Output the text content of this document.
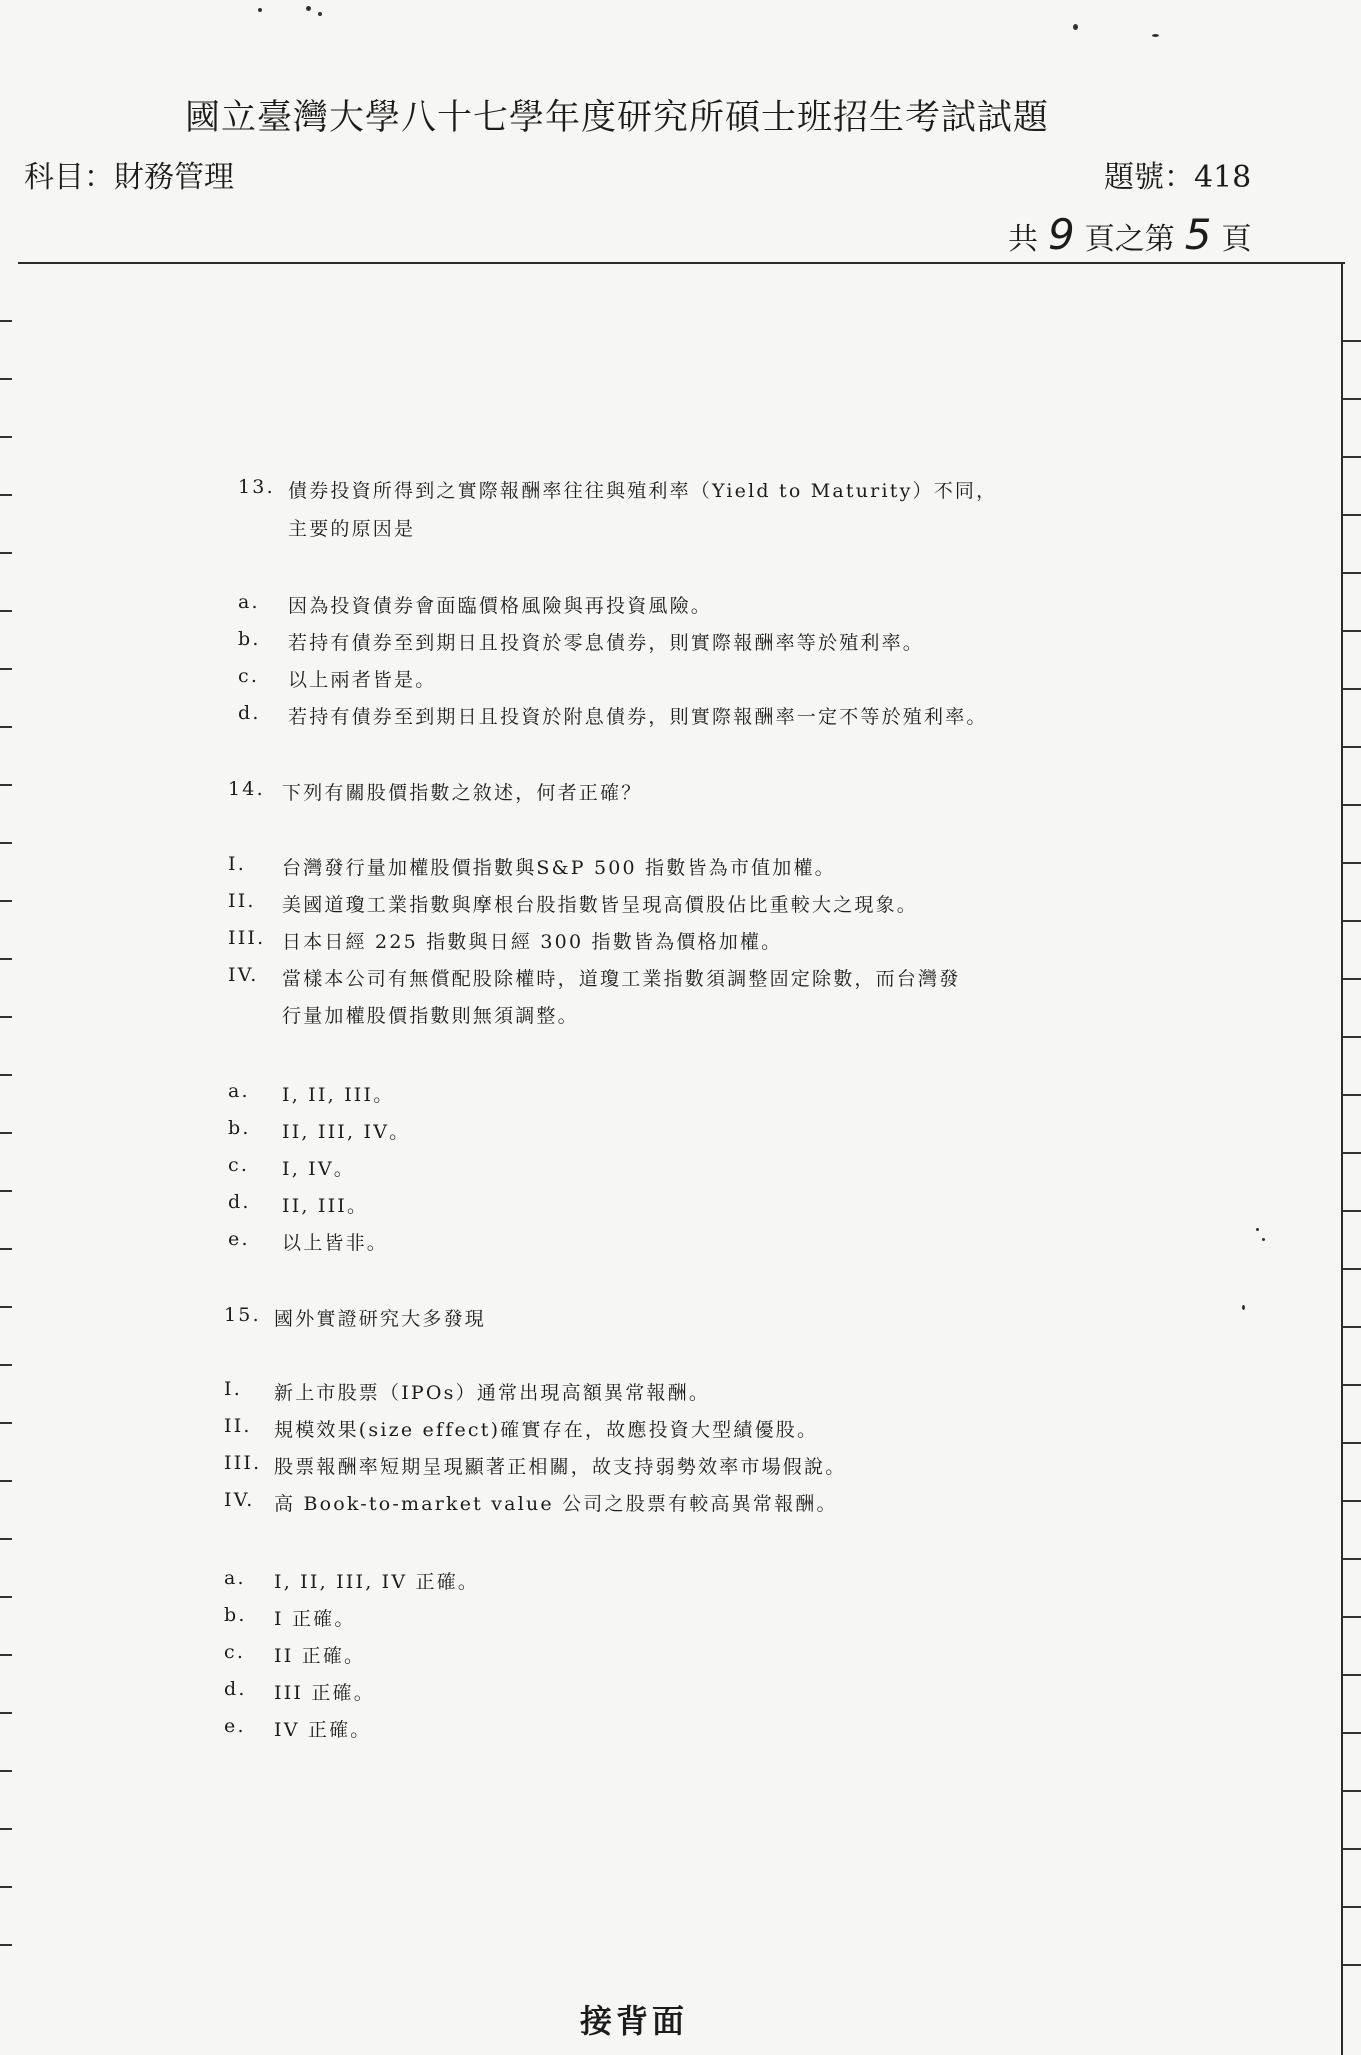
國立臺灣大學八十七學年度研究所碩士班招生考試試題
科目：財務管理	題號：418
共 9 頁之第 5 頁
13. 債券投資所得到之實際報酬率往往與殖利率（Yield to Maturity）不同，
主要的原因是
a. 因為投資債券會面臨價格風險與再投資風險。
b. 若持有債券至到期日且投資於零息債券，則實際報酬率等於殖利率。
c. 以上兩者皆是。
d. 若持有債券至到期日且投資於附息債券，則實際報酬率一定不等於殖利率。
14. 下列有關股價指數之敘述，何者正確？
I. 台灣發行量加權股價指數與S&P 500 指數皆為市值加權。
II. 美國道瓊工業指數與摩根台股指數皆呈現高價股佔比重較大之現象。
III. 日本日經 225 指數與日經 300 指數皆為價格加權。
IV. 當樣本公司有無償配股除權時，道瓊工業指數須調整固定除數，而台灣發
行量加權股價指數則無須調整。
a. I, II, III。
b. II, III, IV。
c. I, IV。
d. II, III。
e. 以上皆非。
15. 國外實證研究大多發現
I. 新上市股票（IPOs）通常出現高額異常報酬。
II. 規模效果(size effect)確實存在，故應投資大型績優股。
III. 股票報酬率短期呈現顯著正相關，故支持弱勢效率市場假說。
IV. 高 Book-to-market value 公司之股票有較高異常報酬。
a. I, II, III, IV 正確。
b. I 正確。
c. II 正確。
d. III 正確。
e. IV 正確。
接背面
